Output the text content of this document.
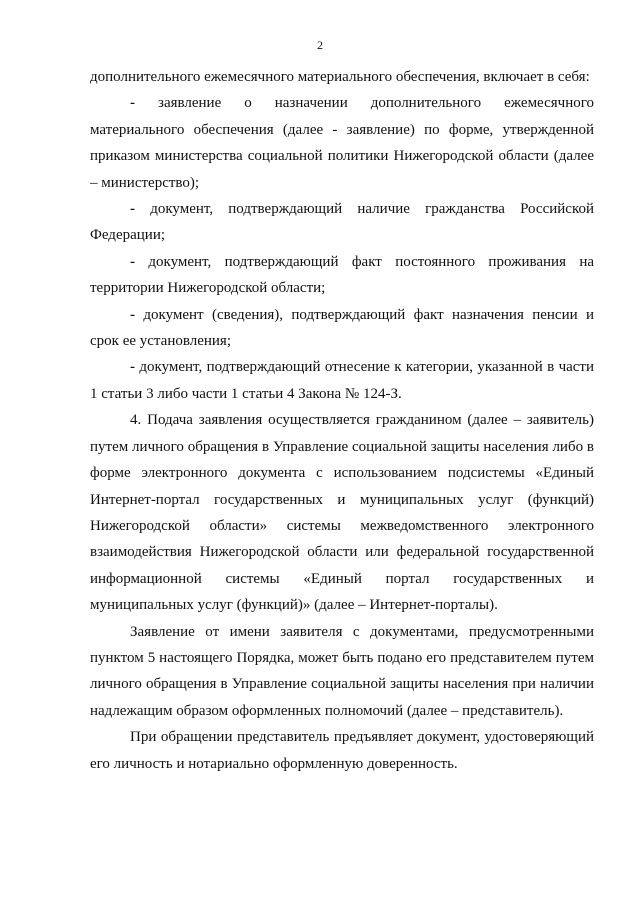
2

дополнительного ежемесячного материального обеспечения, включает в себя:

- заявление о назначении дополнительного ежемесячного материального обеспечения (далее - заявление) по форме, утвержденной приказом министерства социальной политики Нижегородской области (далее – министерство);

- документ, подтверждающий наличие гражданства Российской Федерации;

- документ, подтверждающий факт постоянного проживания на территории Нижегородской области;

- документ (сведения), подтверждающий факт назначения пенсии и срок ее установления;

- документ, подтверждающий отнесение к категории, указанной в части 1 статьи 3 либо части 1 статьи 4 Закона № 124-З.

4. Подача заявления осуществляется гражданином (далее – заявитель) путем личного обращения в Управление социальной защиты населения либо в форме электронного документа с использованием подсистемы «Единый Интернет-портал государственных и муниципальных услуг (функций) Нижегородской области» системы межведомственного электронного взаимодействия Нижегородской области или федеральной государственной информационной системы «Единый портал государственных и муниципальных услуг (функций)» (далее – Интернет-порталы).

Заявление от имени заявителя с документами, предусмотренными пунктом 5 настоящего Порядка, может быть подано его представителем путем личного обращения в Управление социальной защиты населения при наличии надлежащим образом оформленных полномочий (далее – представитель).

При обращении представитель предъявляет документ, удостоверяющий его личность и нотариально оформленную доверенность.
